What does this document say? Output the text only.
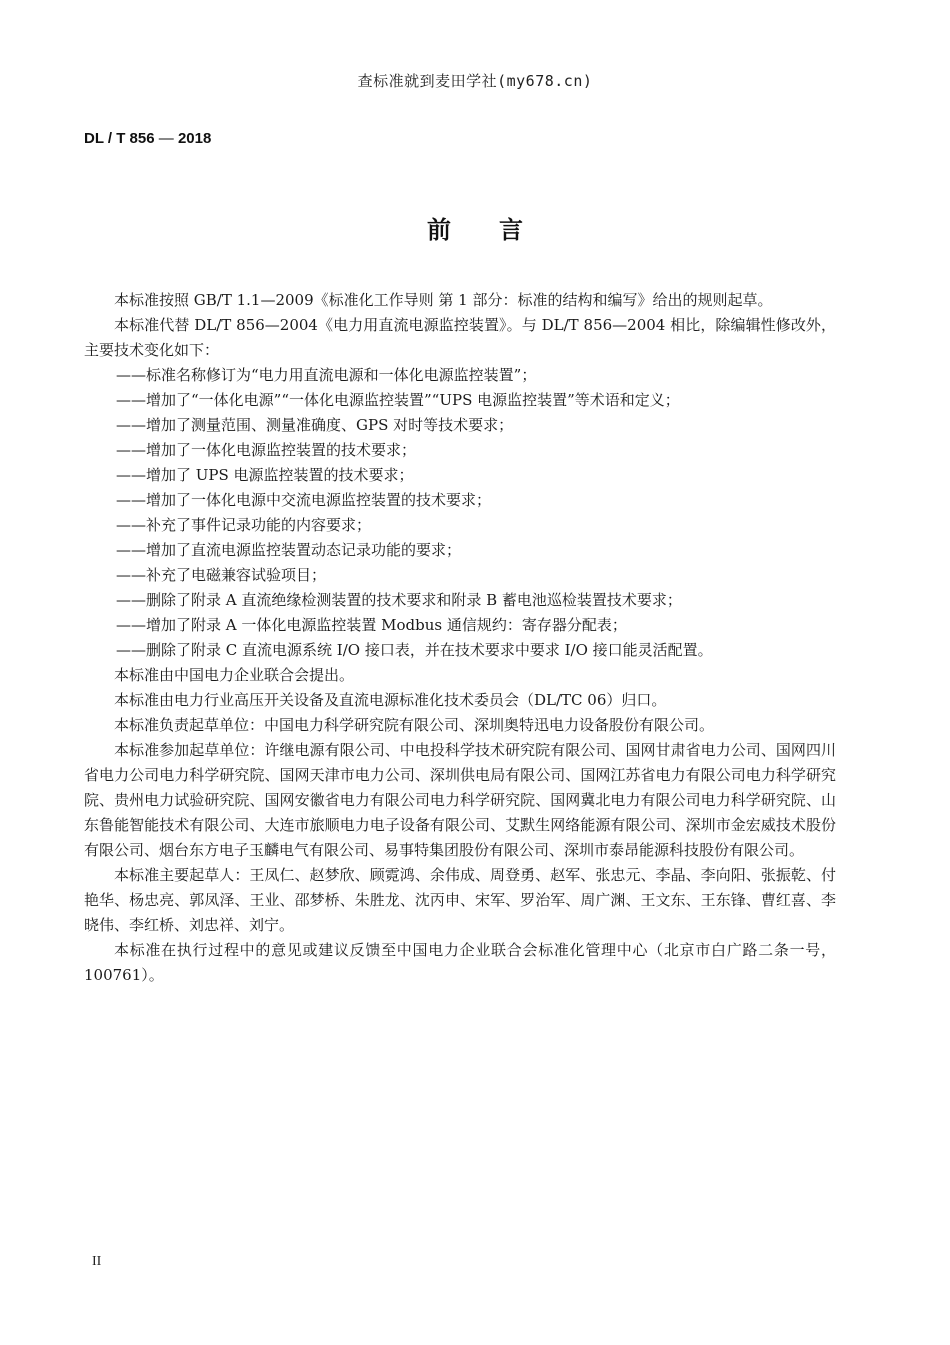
查标准就到麦田学社(my678.cn)
DL / T 856 — 2018
前言

本标准按照 GB/T 1.1—2009《标准化工作导则 第 1 部分：标准的结构和编写》给出的规则起草。

本标准代替 DL/T 856—2004《电力用直流电源监控装置》。与 DL/T 856—2004 相比，除编辑性修改外，主要技术变化如下：

——标准名称修订为“电力用直流电源和一体化电源监控装置”；
——增加了“一体化电源”“一体化电源监控装置”“UPS 电源监控装置”等术语和定义；
——增加了测量范围、测量准确度、GPS 对时等技术要求；
——增加了一体化电源监控装置的技术要求；
——增加了 UPS 电源监控装置的技术要求；
——增加了一体化电源中交流电源监控装置的技术要求；
——补充了事件记录功能的内容要求；
——增加了直流电源监控装置动态记录功能的要求；
——补充了电磁兼容试验项目；
——删除了附录 A 直流绝缘检测装置的技术要求和附录 B 蓄电池巡检装置技术要求；
——增加了附录 A 一体化电源监控装置 Modbus 通信规约：寄存器分配表；
——删除了附录 C 直流电源系统 I/O 接口表，并在技术要求中要求 I/O 接口能灵活配置。

本标准由中国电力企业联合会提出。

本标准由电力行业高压开关设备及直流电源标准化技术委员会（DL/TC 06）归口。

本标准负责起草单位：中国电力科学研究院有限公司、深圳奥特迅电力设备股份有限公司。

本标准参加起草单位：许继电源有限公司、中电投科学技术研究院有限公司、国网甘肃省电力公司、国网四川省电力公司电力科学研究院、国网天津市电力公司、深圳供电局有限公司、国网江苏省电力有限公司电力科学研究院、贵州电力试验研究院、国网安徽省电力有限公司电力科学研究院、国网冀北电力有限公司电力科学研究院、山东鲁能智能技术有限公司、大连市旅顺电力电子设备有限公司、艾默生网络能源有限公司、深圳市金宏威技术股份有限公司、烟台东方电子玉麟电气有限公司、易事特集团股份有限公司、深圳市泰昂能源科技股份有限公司。

本标准主要起草人：王凤仁、赵梦欣、顾霓鸿、余伟成、周登勇、赵军、张忠元、李晶、李向阳、张振乾、付艳华、杨忠亮、郭凤泽、王业、邵梦桥、朱胜龙、沈丙申、宋军、罗治军、周广渊、王文东、王东锋、曹红喜、李晓伟、李红桥、刘忠祥、刘宁。

本标准在执行过程中的意见或建议反馈至中国电力企业联合会标准化管理中心（北京市白广路二条一号，100761）。

II
